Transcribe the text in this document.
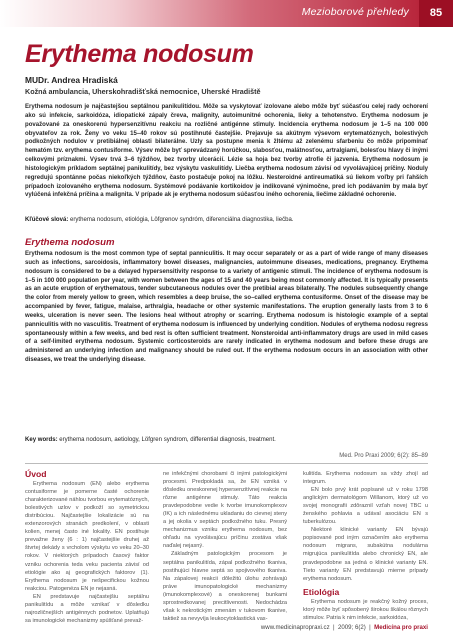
Mezioborové přehledy	85
Erythema nodosum
MUDr. Andrea Hradiská
Kožná ambulancia, Uherskohradišťská nemocnice, Uherské Hradiště

Erythema nodosum je najčastejšou septálnou panikulitídou. Môže sa vyskytovať izolovane alebo môže byť súčasťou celej rady ochorení ako sú infekcie, sarkoidóza, idiopatické zápaly čreva, malignity, autoimunitné ochorenia, lieky a tehotenstvo. Erythema nodosum je považované za oneskorenú hypersenzitívnu reakciu na rozličné antigénne stimuly. Incidencia erythema nodosum je 1–5 na 100 000 obyvateľov za rok. Ženy vo veku 15–40 rokov sú postihnuté častejšie. Prejavuje sa akútnym výsevom erytematóznych, bolestivých podkožných nodulov v pretibiálnej oblasti bilaterálne. Uzly sa postupne menia k žltému až zelenému sfarbeniu čo môže pripomínať hematóm tzv. erythema contusiforme. Výsev môže byť sprevádzaný horúčkou, slabosťou, malátnosťou, artralgiami, bolesťou hlavy či inými celkovými príznakmi. Výsev trvá 3–6 týždňov, bez tvorby ulcerácií. Lézie sa hoja bez tvorby atrofie či jazvenia. Erythema nodosum je histologickým príkladom septálnej panikulitídy, bez výskytu vaskulitídy. Liečba erythema nodosum závisí od vyvolávajúcej príčiny. Noduly regredujú spontánne počas niekoľkých týždňov, často postačuje pokoj na lôžku. Nesteroidné antireumatiká sú liekom voľby pri ľahších prípadoch izolovaného erythema nodosum. Systémové podávanie kortikoidov je indikované výnimočne, pred ich podávaním by mala byť vylúčená infekčná príčina a malignita. V prípade ak je erythema nodosum súčasťou iného ochorenia, liečime základné ochorenie.

Kľúčové slová: erythema nodosum, etiológia, Löfgrenov syndróm, diferenciálna diagnostika, liečba.
Erythema nodosum

Erythema nodosum is the most common type of septal panniculitis. It may occur separately or as a part of wide range of many diseases such as infections, sarcoidosis, inflammatory bowel diseases, malignancies, autoimmune diseases, medications, pregnancy. Erythema nodosum is considered to be a delayed hypersensitivity response to a variety of antigenic stimuli. The incidence of erythema nodosum is 1–5 in 100 000 population per year, with women between the ages of 15 and 40 years being most commonly affected. It is typically presents as an acute eruption of erythematous, tender subcutaneous nodules over the pretibial areas bilaterally. The nodules subsequently change the color from merely yellow to green, which resembles a deep bruise, the so–called erythema contusiforme. Onset of the disease may be accompanied by fever, fatigue, malaise, arthralgia, headache or other systemic manifestations. The eruption generally lasts from 3 to 6 weeks, ulceration is never seen. The lesions heal without atrophy or scarring. Erythema nodosum is histologic example of a septal panniculitis with no vasculitis. Treatment of erythema nodosum is influenced by underlying condition. Nodules of erythema nodosu regress spontaneously within a few weeks, and bed rest is often sufficient treatment. Nonsteroidal anti-inflammatory drugs are used in mild cases of a self-limited erythema nodosum. Systemic corticosteroids are rarely indicated in erythema nodosum and before these drugs are administered an underlying infection and malignancy should be ruled out. If the erythema nodosum occurs in an association with other diseases, we treat the underlying disease.

Key words: erythema nodosum, aetiology, Löfgren syndrom, differential diagnosis, treatment.
Med. Pro Praxi 2009; 6(2): 85–89
Úvod

Erythema nodosum (EN) alebo erythema contusiforme je pomerne časté ochorenie charakterizované náhlou tvorbou erytematóznych, bolestivých uzlov v podkoží so symetrickou distribúciou. Najčastejšie lokalizácie sú na extenzorových stranách predkolení, v oblasti kolien, menej často iné lokality. EN postihuje prevažne ženy (6 : 1) najčastejšie druhej až štvrtej dekády s vrcholom výskytu vo veku 20–30 rokov. V niektorých prípadoch časový faktor vzniku ochorenia teda veku pacienta závisí od etiológie ako aj geografických faktorov (1). Erythema nodosum je nešpecifickou kožnou reakciou. Patogenéza EN je nejasná.

EN predstavuje najčastejšiu septálnu panikulitídu a môže vznikať v dôsledku najrozličnejších antigénnych podnetov. Uplatňujú sa imunologické mechanizmy spúšťané prevaž-

ne infekčnými chorobami či inými patologickými procesmi. Predpokladá sa, že EN vzniká v dôsledku oneskorenej hypersenzitívnej reakcie na rôzne antigénne stimuly. Táto reakcia pravdepodobne vedie k tvorbe imunokomplexov (IK) a ich následnému ukladaniu do cievnej steny a jej okolia v septách podkožného tuku. Presný mechanizmus vzniku erythema nodosum, bez ohľadu na vyvolávajúcu príčinu zostáva však naďalej nejasný.

Základným patologickým procesom je septálna panikulitída, zápal podkožného tkaniva, postihujúci hlavne septá so spojivového tkaniva. Na zápalovej reakcii dôležitú úlohu zohrávajú práve imunopatologické mechanizmy (imunokomplexové) a oneskorenej bunkami sprostredkovanej precitlivenosti. Nedochádza však k nekrotickým zmenám v tukovom tkanive, taktiež sa nevyvíja leukocytoklastická vas-

kulitída. Erythema nodosum sa vždy zhojí ad integrum.

EN bolo prvý krát popísané už v roku 1798 anglickým dermatológom Willanom, ktorý už vo svojej monografii zdôraznil vzťah novej TBC u ženského pohlavia a udával asociáciu EN s tuberkulózou.

Niektoré klinické varianty EN bývajú popisované pod iným označením ako erythema nodosum migrans, subakútna nodulárna migrujúca panikulitída alebo chronický EN, ale pravdepodobne sa jedná o klinické varianty EN. Tieto varianty EN predstavujú mierne prípady erythema nodosum.

Etiológia

Erythema nodosum je reakčný kožný proces, ktorý môže byť spôsobený širokou škálou rôznych stimulov. Patria k nim infekcie, sarkoidóza,

www.medicinapropraxi.cz  |  2009; 6(2)  |  Medicína pro praxi
